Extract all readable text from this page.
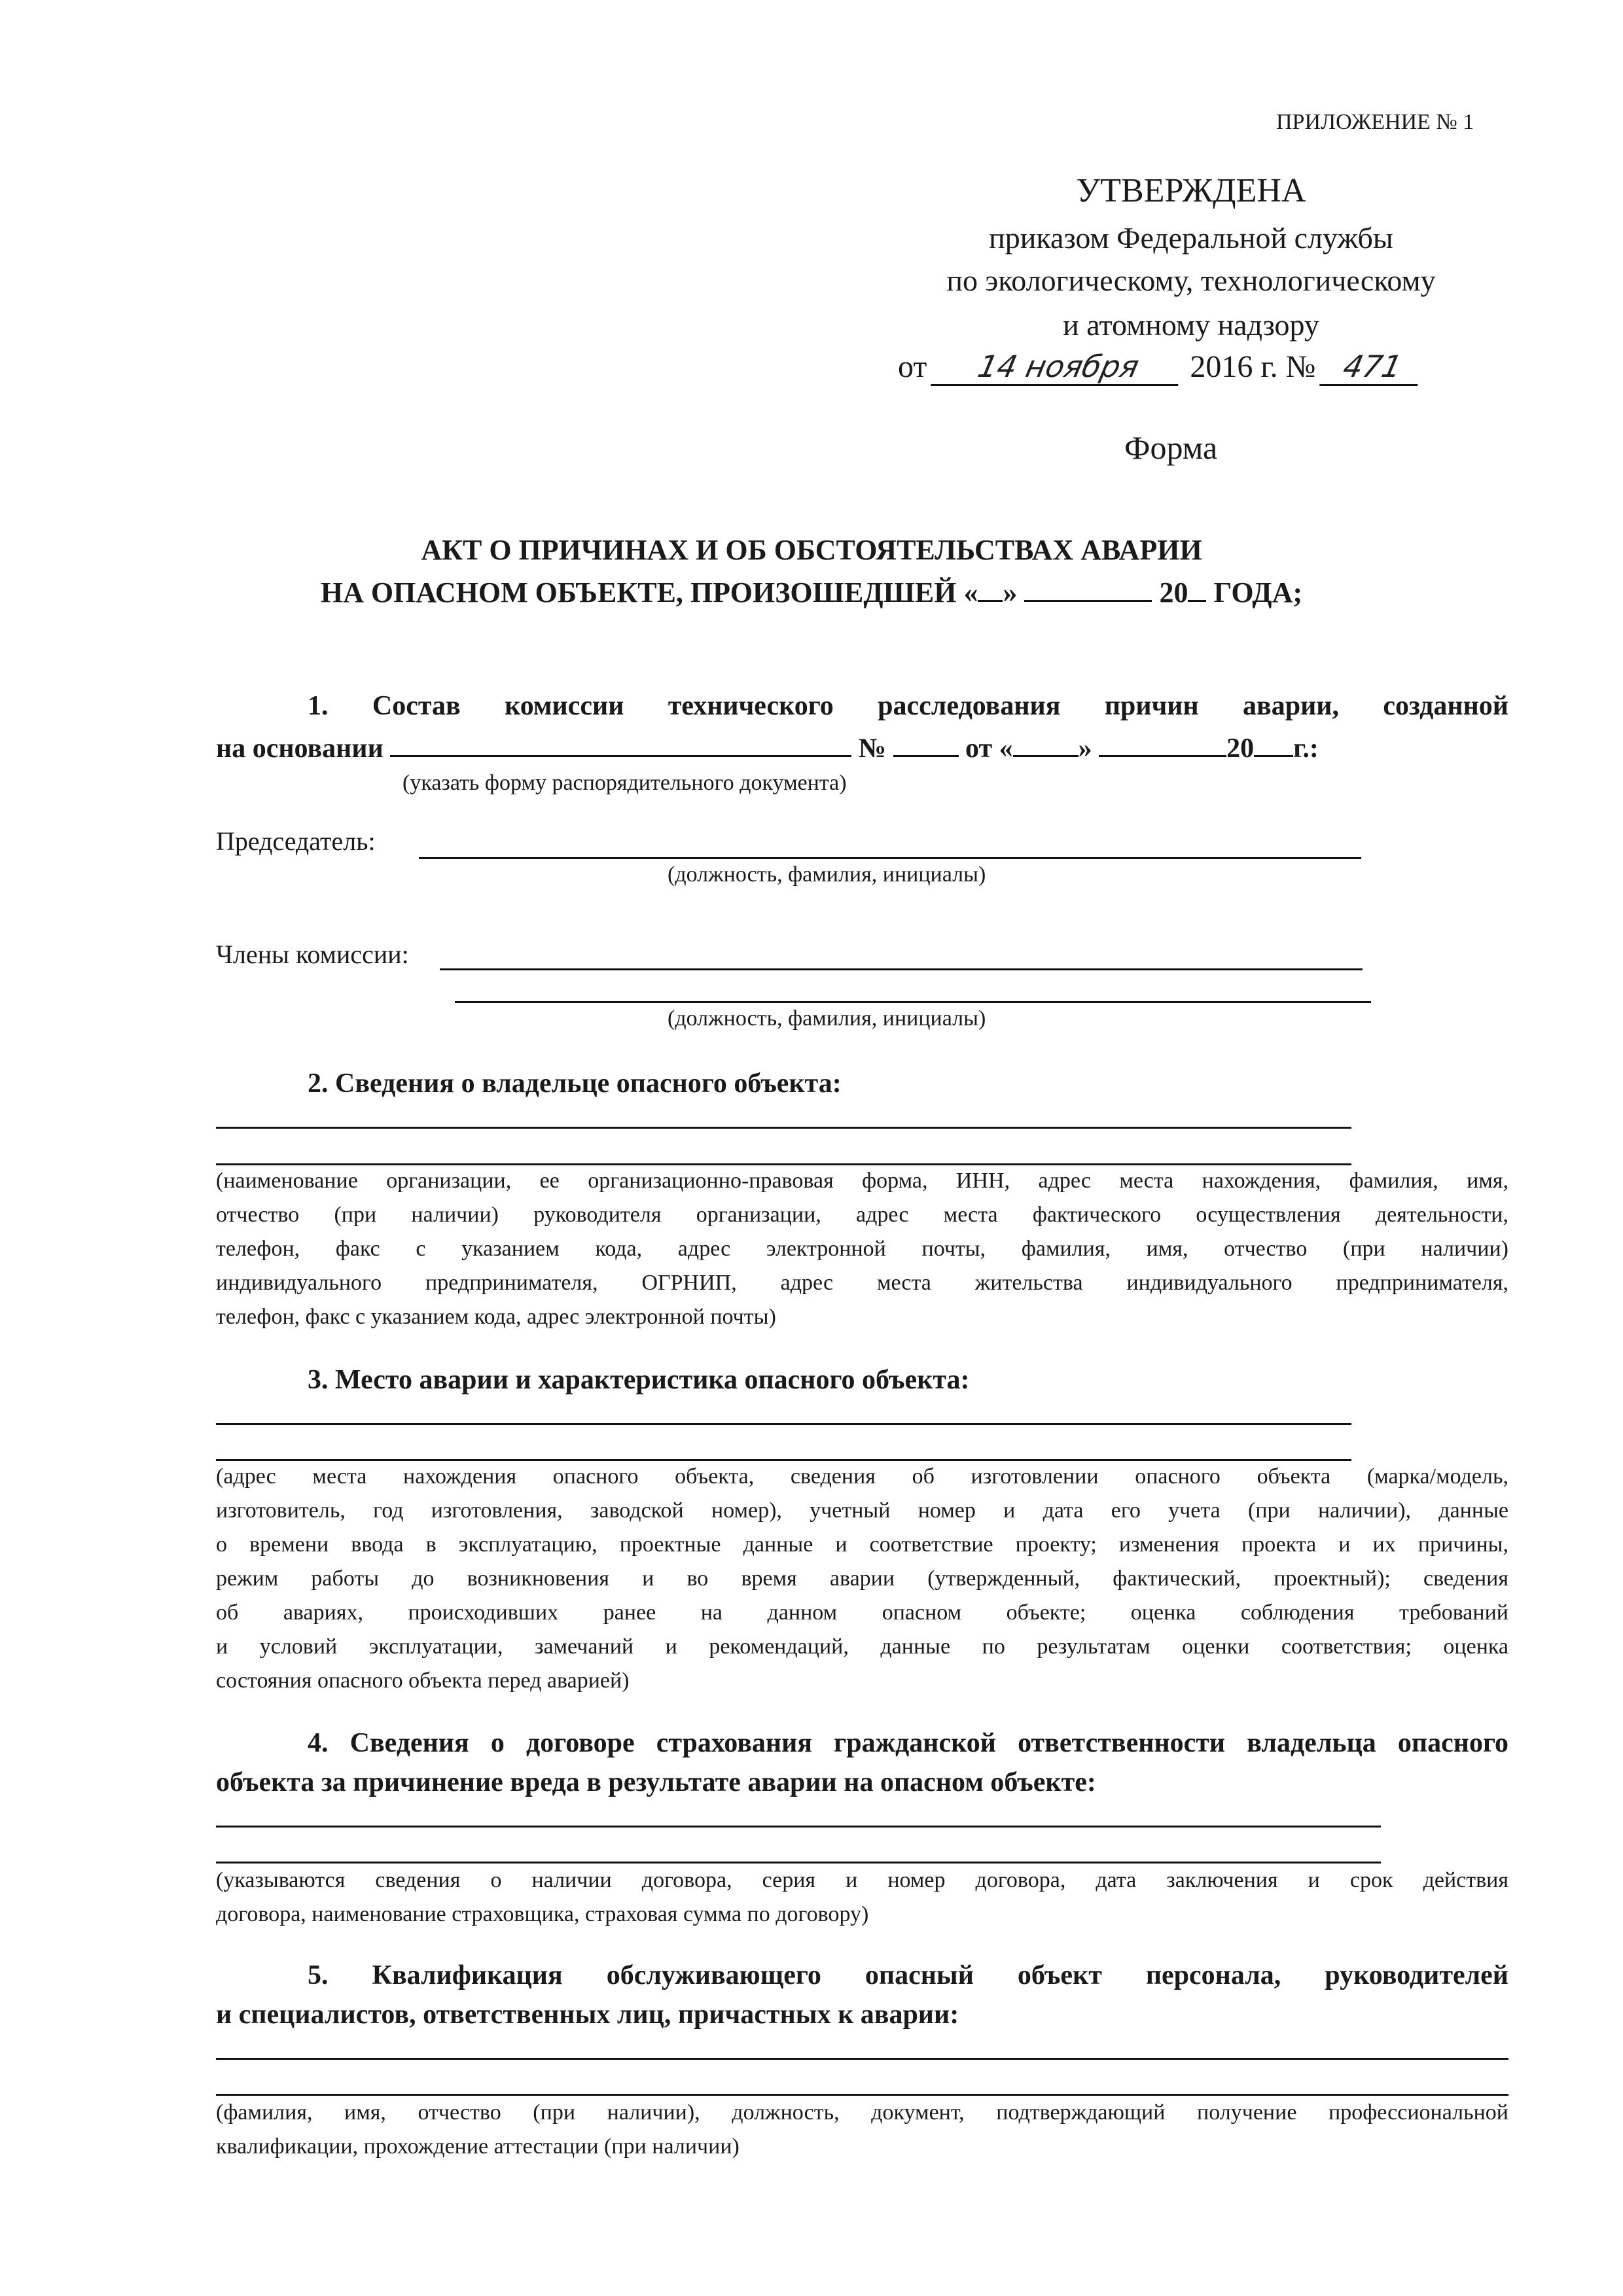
ПРИЛОЖЕНИЕ № 1
УТВЕРЖДЕНА
приказом Федеральной службы
по экологическому, технологическому
и атомному надзору
от 14 ноября 2016 г. № 471
Форма
АКТ О ПРИЧИНАХ И ОБ ОБСТОЯТЕЛЬСТВАХ АВАРИИ
НА ОПАСНОМ ОБЪЕКТЕ, ПРОИЗОШЕДШЕЙ « »	20 ГОДА;
1. Состав комиссии технического расследования причин аварии, созданной
на основании	№	от « »	20 г.:
(указать форму распорядительного документа)
Председатель:
(должность, фамилия, инициалы)
Члены комиссии:
(должность, фамилия, инициалы)
2. Сведения о владельце опасного объекта:
(наименование организации, ее организационно-правовая форма, ИНН, адрес места нахождения, фамилия, имя,
отчество (при наличии) руководителя организации, адрес места фактического осуществления деятельности,
телефон, факс с указанием кода, адрес электронной почты, фамилия, имя, отчество (при наличии)
индивидуального предпринимателя, ОГРНИП, адрес места жительства индивидуального предпринимателя,
телефон, факс с указанием кода, адрес электронной почты)
3. Место аварии и характеристика опасного объекта:
(адрес места нахождения опасного объекта, сведения об изготовлении опасного объекта (марка/модель,
изготовитель, год изготовления, заводской номер), учетный номер и дата его учета (при наличии), данные
о времени ввода в эксплуатацию, проектные данные и соответствие проекту; изменения проекта и их причины,
режим работы до возникновения и во время аварии (утвержденный, фактический, проектный); сведения
об авариях, происходивших ранее на данном опасном объекте; оценка соблюдения требований
и условий эксплуатации, замечаний и рекомендаций, данные по результатам оценки соответствия; оценка
состояния опасного объекта перед аварией)
4. Сведения о договоре страхования гражданской ответственности владельца опасного
объекта за причинение вреда в результате аварии на опасном объекте:
(указываются сведения о наличии договора, серия и номер договора, дата заключения и срок действия
договора, наименование страховщика, страховая сумма по договору)
5. Квалификация обслуживающего опасный объект персонала, руководителей
и специалистов, ответственных лиц, причастных к аварии:
(фамилия, имя, отчество (при наличии), должность, документ, подтверждающий получение профессиональной
квалификации, прохождение аттестации (при наличии)
